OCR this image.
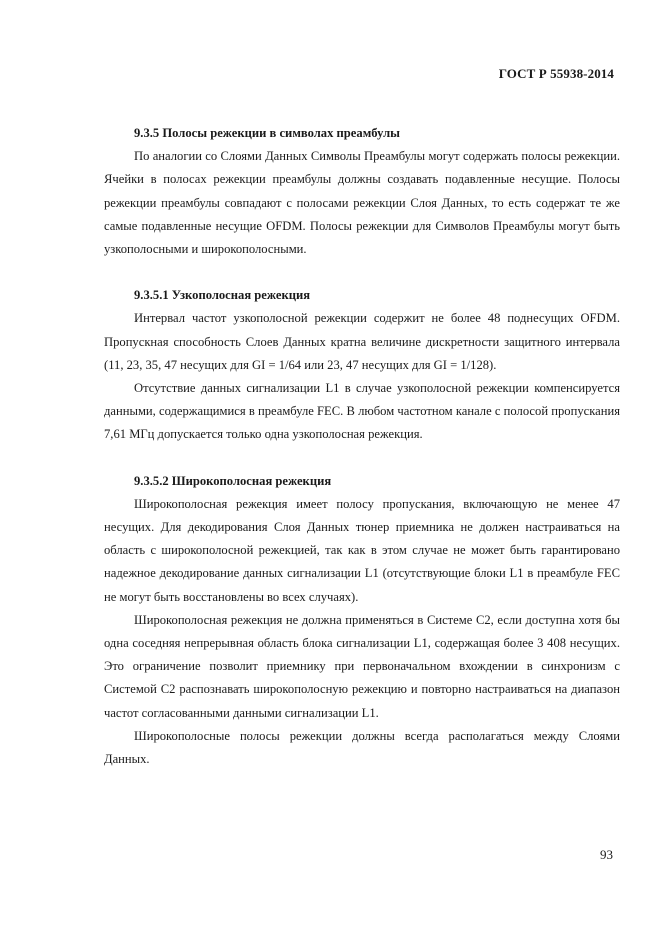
ГОСТ Р 55938-2014

9.3.5 Полосы режекции в символах преамбулы

По аналогии со Слоями Данных Символы Преамбулы могут содержать полосы режекции. Ячейки в полосах режекции преамбулы должны создавать подавленные несущие. Полосы режекции преамбулы совпадают с полосами режекции Слоя Данных, то есть содержат те же самые подавленные несущие OFDM. Полосы режекции для Символов Преамбулы могут быть узкополосными и широкополосными.

9.3.5.1 Узкополосная режекция

Интервал частот узкополосной режекции содержит не более 48 поднесущих OFDM. Пропускная способность Слоев Данных кратна величине дискретности защитного интервала (11, 23, 35, 47 несущих для GI = 1/64 или 23, 47 несущих для GI = 1/128).

Отсутствие данных сигнализации L1 в случае узкополосной режекции компенсируется данными, содержащимися в преамбуле FEC. В любом частотном канале с полосой пропускания 7,61 МГц допускается только одна узкополосная режекция.

9.3.5.2 Широкополосная режекция

Широкополосная режекция имеет полосу пропускания, включающую не менее 47 несущих. Для декодирования Слоя Данных тюнер приемника не должен настраиваться на область с широкополосной режекцией, так как в этом случае не может быть гарантировано надежное декодирование данных сигнализации L1 (отсутствующие блоки L1 в преамбуле FEC не могут быть восстановлены во всех случаях).

Широкополосная режекция не должна применяться в Системе C2, если доступна хотя бы одна соседняя непрерывная область блока сигнализации L1, содержащая более 3 408 несущих. Это ограничение позволит приемнику при первоначальном вхождении в синхронизм с Системой C2 распознавать широкополосную режекцию и повторно настраиваться на диапазон частот согласованными данными сигнализации L1.

Широкополосные полосы режекции должны всегда располагаться между Слоями Данных.

93
